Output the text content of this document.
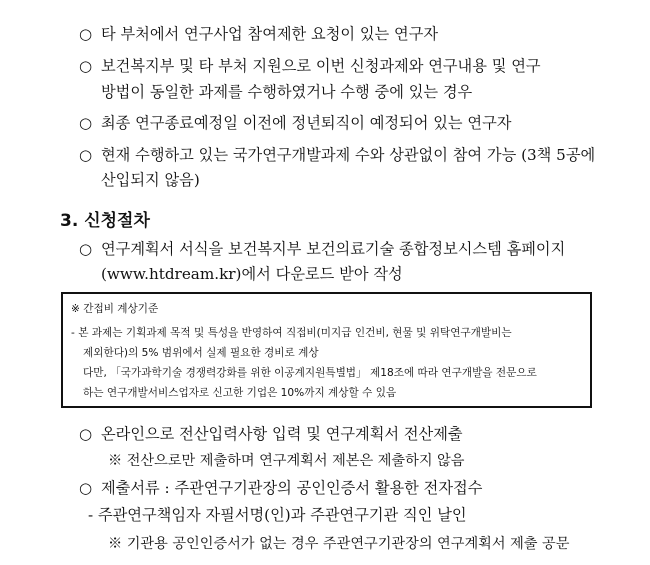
○ 타 부처에서 연구사업 참여제한 요청이 있는 연구자
○ 보건복지부 및 타 부처 지원으로 이번 신청과제와 연구내용 및 연구
방법이 동일한 과제를 수행하였거나 수행 중에 있는 경우
○ 최종 연구종료예정일 이전에 정년퇴직이 예정되어 있는 연구자
○ 현재 수행하고 있는 국가연구개발과제 수와 상관없이 참여 가능 (3책 5공에
산입되지 않음)
3. 신청절차
○ 연구계획서 서식을 보건복지부 보건의료기술 종합정보시스템 홈페이지
(www.htdream.kr)에서 다운로드 받아 작성
※ 간접비 계상기준
- 본 과제는 기획과제 목적 및 특성을 반영하여 직접비(미지급 인건비, 현물 및 위탁연구개발비는
제외한다)의 5% 범위에서 실제 필요한 경비로 계상
다만, 「국가과학기술 경쟁력강화를 위한 이공계지원특별법」 제18조에 따라 연구개발을 전문으로
하는 연구개발서비스업자로 신고한 기업은 10%까지 계상할 수 있음
○ 온라인으로 전산입력사항 입력 및 연구계획서 전산제출
※ 전산으로만 제출하며 연구계획서 제본은 제출하지 않음
○ 제출서류 : 주관연구기관장의 공인인증서 활용한 전자접수
- 주관연구책임자 자필서명(인)과 주관연구기관 직인 날인
※ 기관용 공인인증서가 없는 경우 주관연구기관장의 연구계획서 제출 공문
